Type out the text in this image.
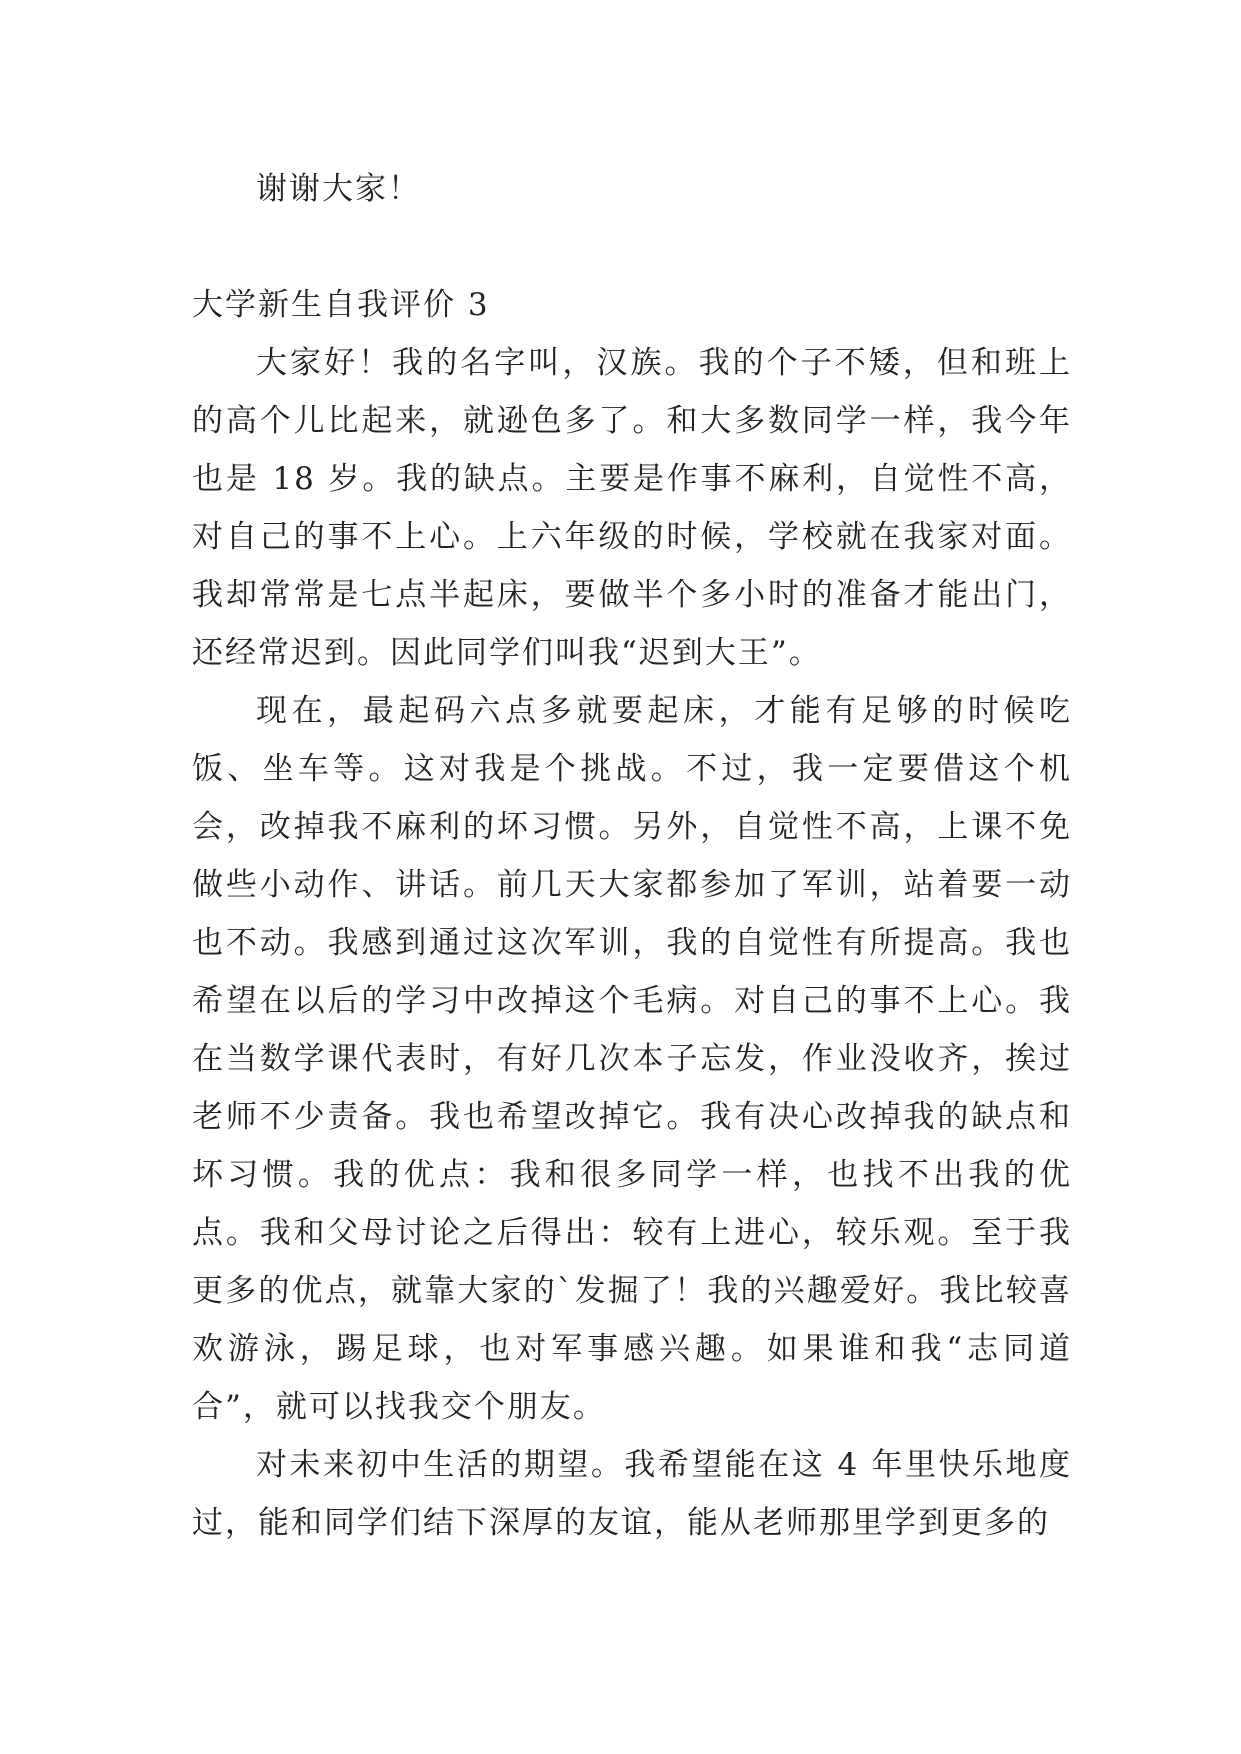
谢谢大家！

大学新生自我评价 3

大家好！我的名字叫，汉族。我的个子不矮，但和班上的高个儿比起来，就逊色多了。和大多数同学一样，我今年也是 18 岁。我的缺点。主要是作事不麻利，自觉性不高，对自己的事不上心。上六年级的时候，学校就在我家对面。我却常常是七点半起床，要做半个多小时的准备才能出门，还经常迟到。因此同学们叫我“迟到大王”。

现在，最起码六点多就要起床，才能有足够的时候吃饭、坐车等。这对我是个挑战。不过，我一定要借这个机会，改掉我不麻利的坏习惯。另外，自觉性不高，上课不免做些小动作、讲话。前几天大家都参加了军训，站着要一动也不动。我感到通过这次军训，我的自觉性有所提高。我也希望在以后的学习中改掉这个毛病。对自己的事不上心。我在当数学课代表时，有好几次本子忘发，作业没收齐，挨过老师不少责备。我也希望改掉它。我有决心改掉我的缺点和坏习惯。我的优点：我和很多同学一样，也找不出我的优点。我和父母讨论之后得出：较有上进心，较乐观。至于我更多的优点，就靠大家的`发掘了！我的兴趣爱好。我比较喜欢游泳，踢足球，也对军事感兴趣。如果谁和我“志同道合”，就可以找我交个朋友。

对未来初中生活的期望。我希望能在这 4 年里快乐地度过，能和同学们结下深厚的友谊，能从老师那里学到更多的
